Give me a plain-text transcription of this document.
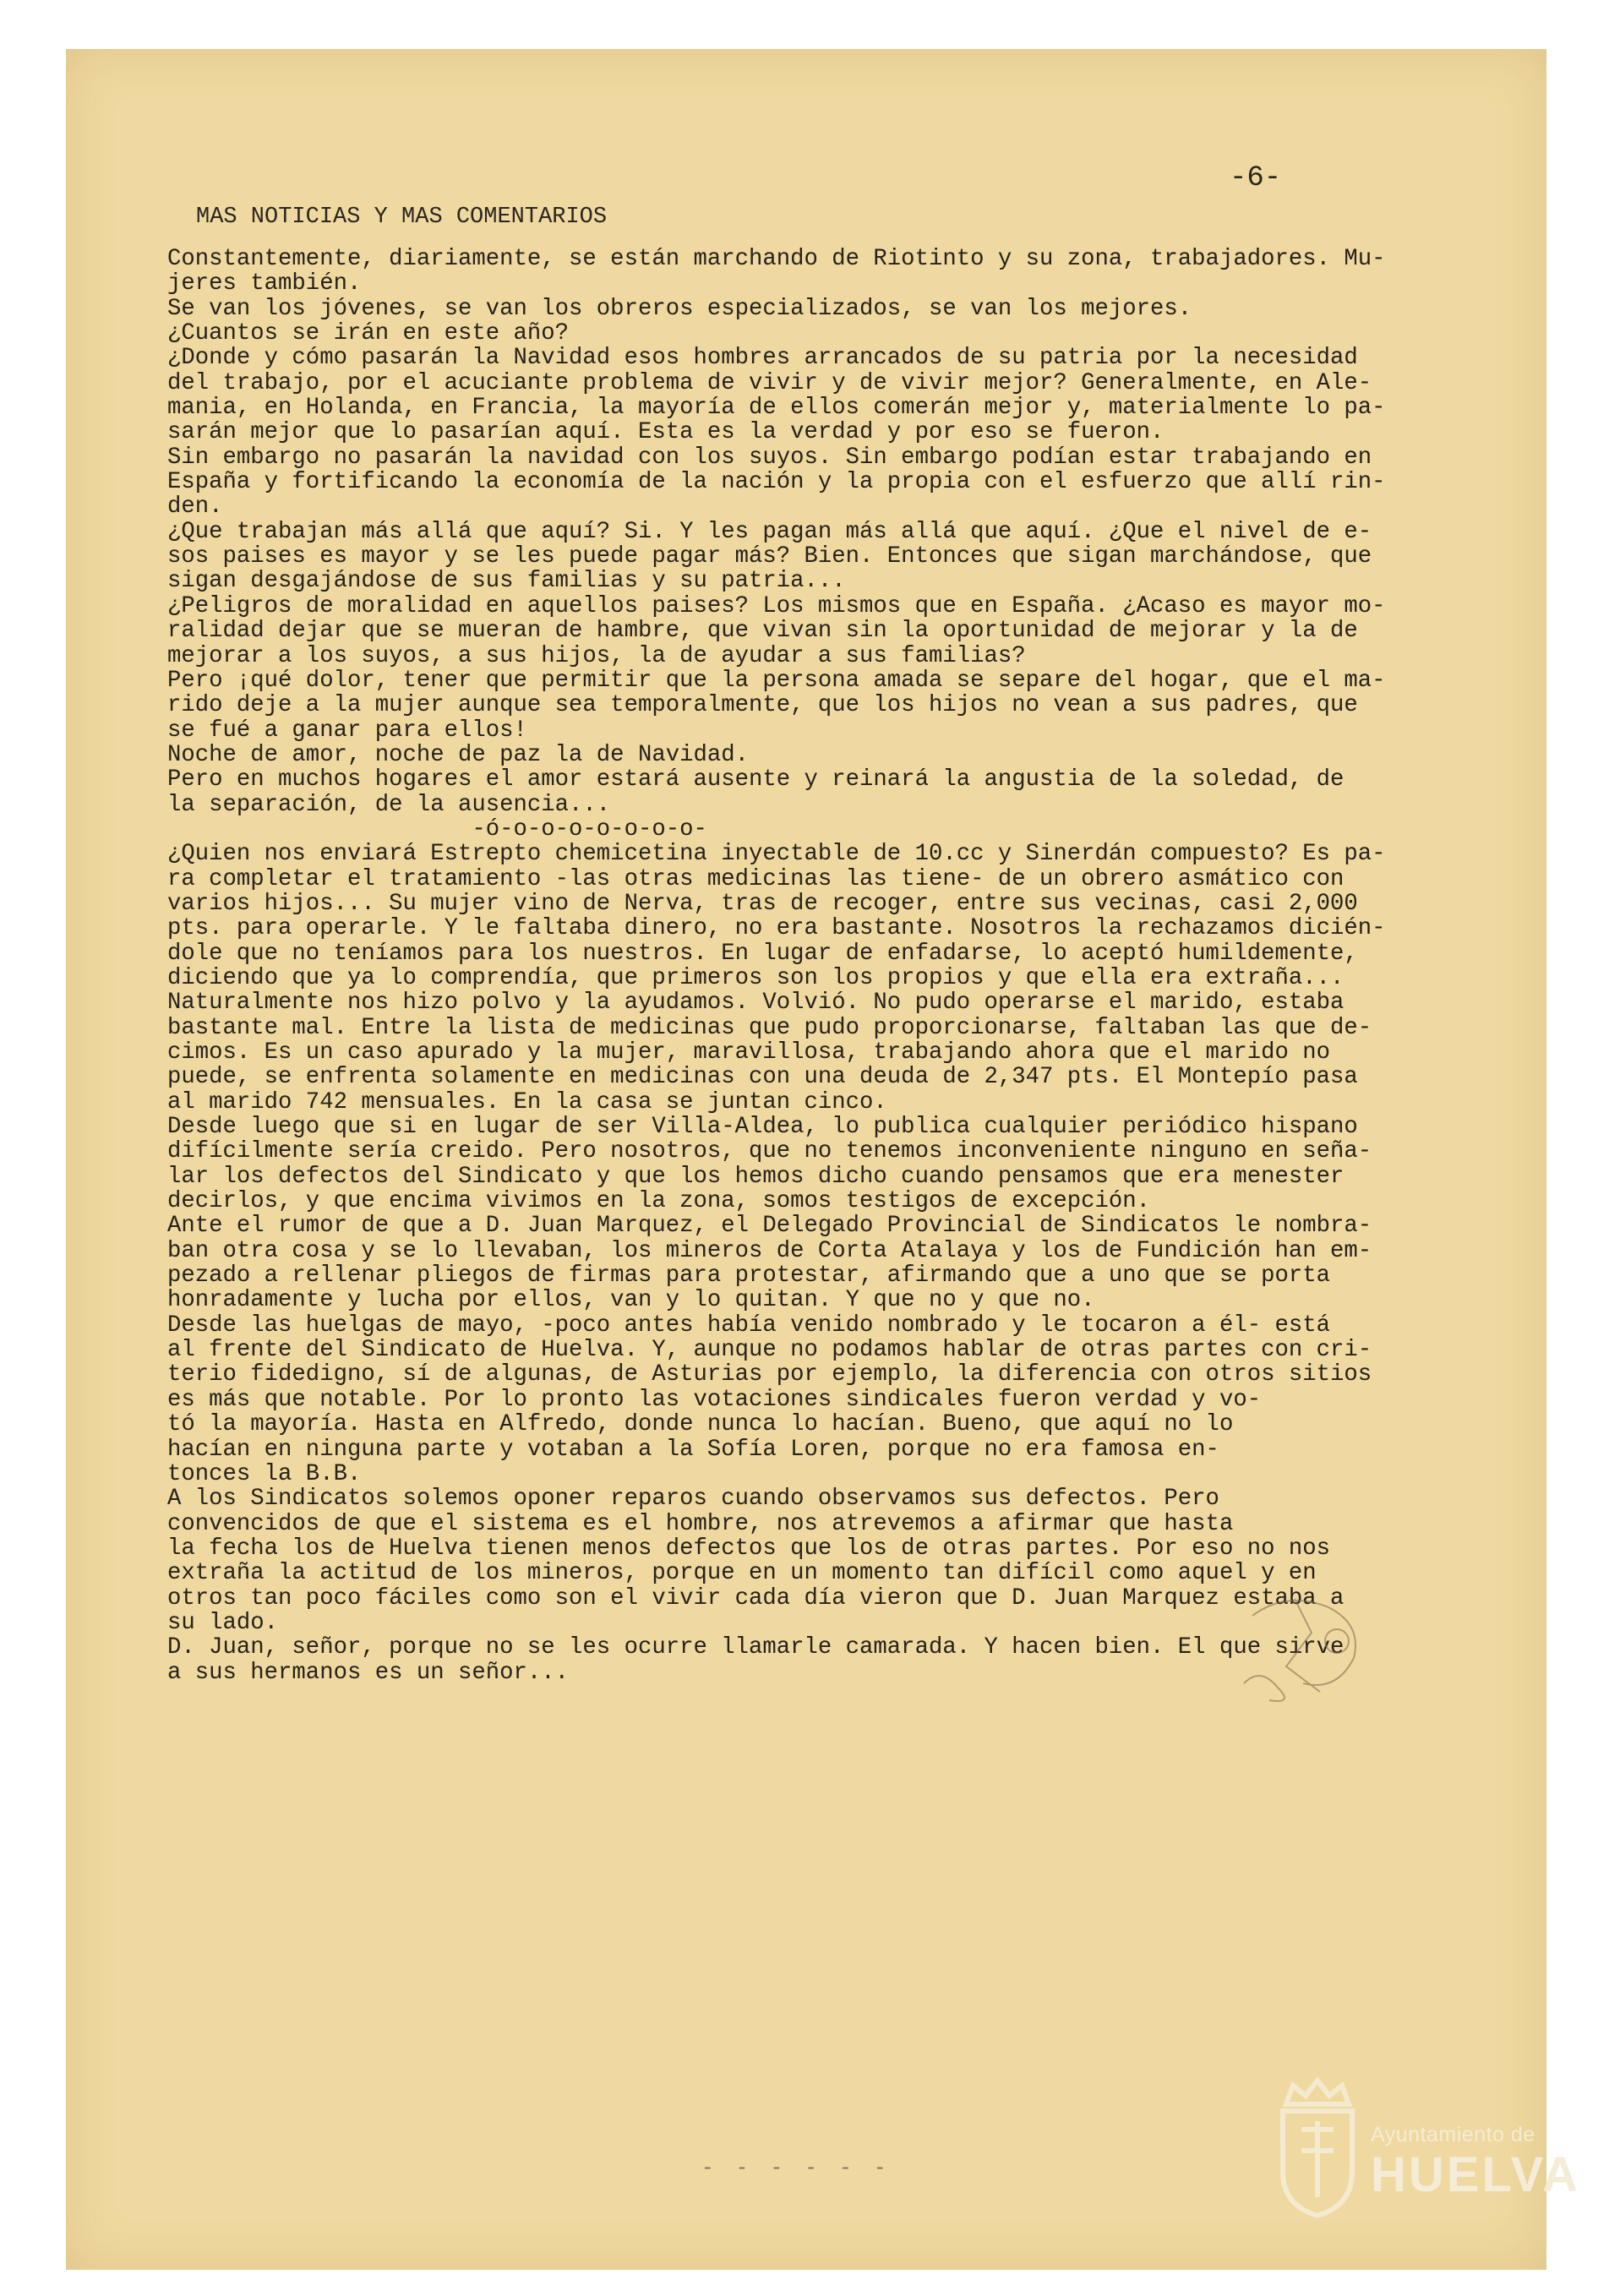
-6-
MAS NOTICIAS Y MAS COMENTARIOS
Constantemente, diariamente, se están marchando de Riotinto y su zona, trabajadores. Mu-
jeres también.
Se van los jóvenes, se van los obreros especializados, se van los mejores.
¿Cuantos se irán en este año?
¿Donde y cómo pasarán la Navidad esos hombres arrancados de su patria por la necesidad
del trabajo, por el acuciante problema de vivir y de vivir mejor? Generalmente, en Ale-
mania, en Holanda, en Francia, la mayoría de ellos comerán mejor y, materialmente lo pa-
sarán mejor que lo pasarían aquí. Esta es la verdad y por eso se fueron.
Sin embargo no pasarán la navidad con los suyos. Sin embargo podían estar trabajando en
España y fortificando la economía de la nación y la propia con el esfuerzo que allí rin-
den.
¿Que trabajan más allá que aquí? Si. Y les pagan más allá que aquí. ¿Que el nivel de e-
sos paises es mayor y se les puede pagar más? Bien. Entonces que sigan marchándose, que
sigan desgajándose de sus familias y su patria...
¿Peligros de moralidad en aquellos paises? Los mismos que en España. ¿Acaso es mayor mo-
ralidad dejar que se mueran de hambre, que vivan sin la oportunidad de mejorar y la de
mejorar a los suyos, a sus hijos, la de ayudar a sus familias?
Pero ¡qué dolor, tener que permitir que la persona amada se separe del hogar, que el ma-
rido deje a la mujer aunque sea temporalmente, que los hijos no vean a sus padres, que
se fué a ganar para ellos!
Noche de amor, noche de paz la de Navidad.
Pero en muchos hogares el amor estará ausente y reinará la angustia de la soledad, de
la separación, de la ausencia...
-ó-o-o-o-o-o-o-o-
¿Quien nos enviará Estrepto chemicetina inyectable de 10.cc y Sinerdán compuesto? Es pa-
ra completar el tratamiento -las otras medicinas las tiene- de un obrero asmático con
varios hijos... Su mujer vino de Nerva, tras de recoger, entre sus vecinas, casi 2,000
pts. para operarle. Y le faltaba dinero, no era bastante. Nosotros la rechazamos dicién-
dole que no teníamos para los nuestros. En lugar de enfadarse, lo aceptó humildemente,
diciendo que ya lo comprendía, que primeros son los propios y que ella era extraña...
Naturalmente nos hizo polvo y la ayudamos. Volvió. No pudo operarse el marido, estaba
bastante mal. Entre la lista de medicinas que pudo proporcionarse, faltaban las que de-
cimos. Es un caso apurado y la mujer, maravillosa, trabajando ahora que el marido no
puede, se enfrenta solamente en medicinas con una deuda de 2,347 pts. El Montepío pasa
al marido 742 mensuales. En la casa se juntan cinco.
Desde luego que si en lugar de ser Villa-Aldea, lo publica cualquier periódico hispano
difícilmente sería creido. Pero nosotros, que no tenemos inconveniente ninguno en seña-
lar los defectos del Sindicato y que los hemos dicho cuando pensamos que era menester
decirlos, y que encima vivimos en la zona, somos testigos de excepción.
Ante el rumor de que a D. Juan Marquez, el Delegado Provincial de Sindicatos le nombra-
ban otra cosa y se lo llevaban, los mineros de Corta Atalaya y los de Fundición han em-
pezado a rellenar pliegos de firmas para protestar, afirmando que a uno que se porta
honradamente y lucha por ellos, van y lo quitan. Y que no y que no.
Desde las huelgas de mayo, -poco antes había venido nombrado y le tocaron a él- está
al frente del Sindicato de Huelva. Y, aunque no podamos hablar de otras partes con cri-
terio fidedigno, sí de algunas, de Asturias por ejemplo, la diferencia con otros sitios
es más que notable. Por lo pronto las votaciones sindicales fueron verdad y vo-
tó la mayoría. Hasta en Alfredo, donde nunca lo hacían. Bueno, que aquí no lo
hacían en ninguna parte y votaban a la Sofía Loren, porque no era famosa en-
tonces la B.B.
A los Sindicatos solemos oponer reparos cuando observamos sus defectos. Pero
convencidos de que el sistema es el hombre, nos atrevemos a afirmar que hasta
la fecha los de Huelva tienen menos defectos que los de otras partes. Por eso no nos
extraña la actitud de los mineros, porque en un momento tan difícil como aquel y en
otros tan poco fáciles como son el vivir cada día vieron que D. Juan Marquez estaba a
su lado.
D. Juan, señor, porque no se les ocurre llamarle camarada. Y hacen bien. El que sirve
a sus hermanos es un señor...
- - - - - -
Ayuntamiento de
HUELVA
